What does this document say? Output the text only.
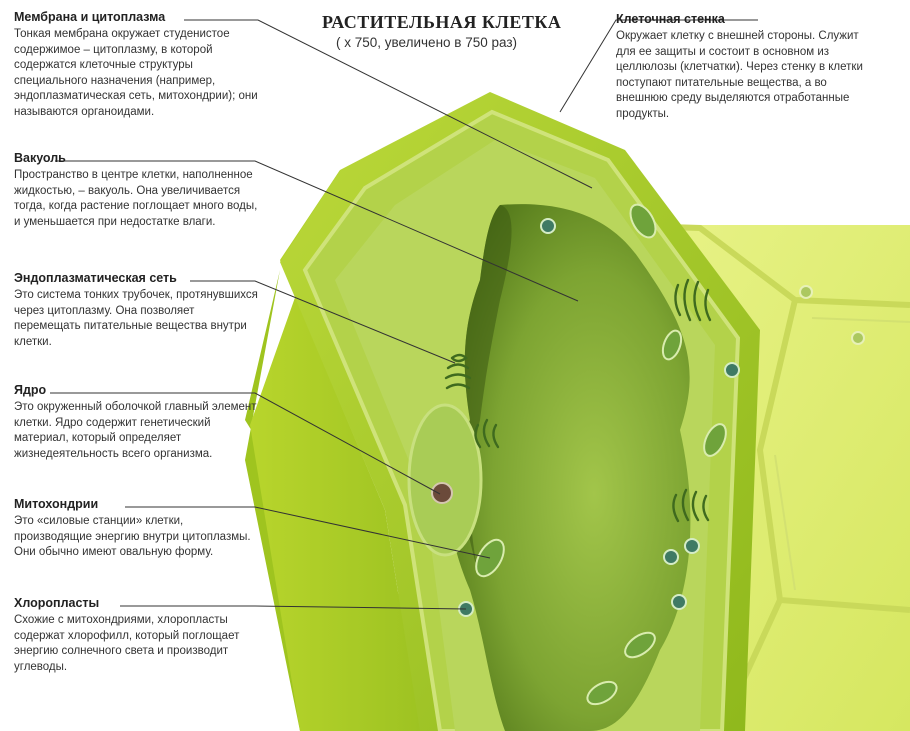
РАСТИТЕЛЬНАЯ КЛЕТКА
( х 750, увеличено в 750 раз)
Мембрана и цитоплазма
Тонкая мембрана окружает студенистое содержимое – цитоплазму, в которой содержатся клеточные структуры специального назначения (например, эндоплазматическая сеть, митохондрии); они называются органоидами.
Вакуоль
Пространство в центре клетки, наполненное жидкостью, – вакуоль. Она увеличивается тогда, когда растение поглощает много воды, и уменьшается при недостатке влаги.
Эндоплазматическая сеть
Это система тонких трубочек, протянувшихся через цитоплазму. Она позволяет перемещать питательные вещества внутри клетки.
Ядро
Это окруженный оболочкой главный элемент клетки. Ядро содержит генетический материал, который определяет жизнедеятельность всего организма.
Митохондрии
Это «силовые станции» клетки, производящие энергию внутри цитоплазмы. Они обычно имеют овальную форму.
Хлоропласты
Схожие с митохондриями, хлоропласты содержат хлорофилл, который поглощает энергию солнечного света и производит углеводы.
Клеточная стенка
Окружает клетку с внешней стороны. Служит для ее защиты и состоит в основном из целлюлозы (клетчатки). Через стенку в клетки поступают питательные вещества, а во внешнюю среду выделяются отработанные продукты.
